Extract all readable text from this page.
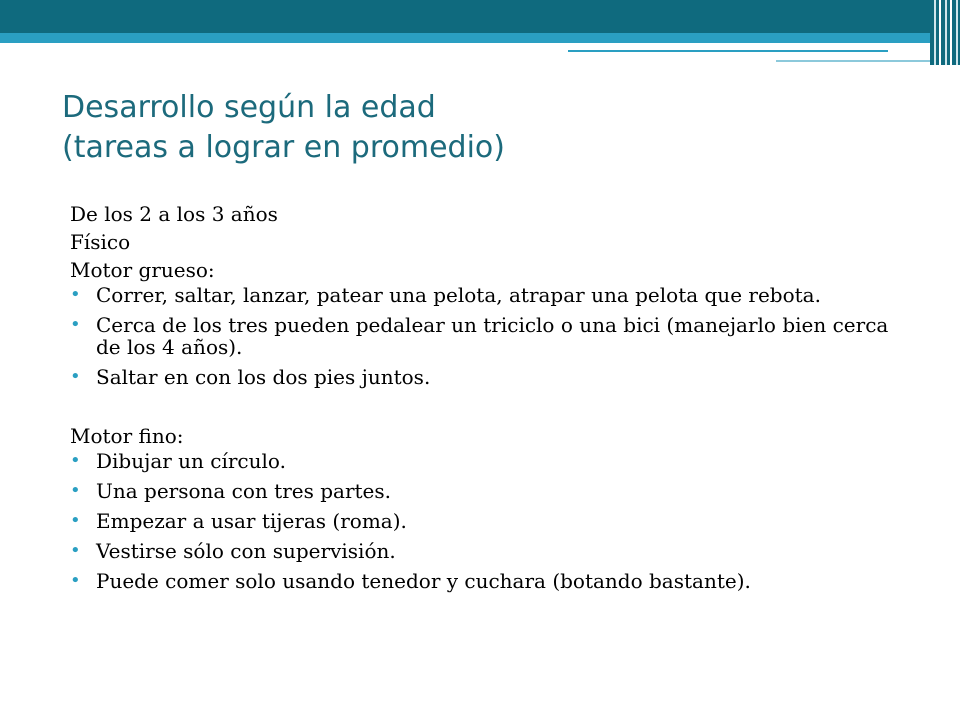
Desarrollo según la edad
(tareas a lograr en promedio)

De los 2 a los 3 años

Físico

Motor grueso:

• Correr, saltar, lanzar, patear una pelota, atrapar una pelota que rebota.
• Cerca de los tres pueden pedalear un triciclo o una bici (manejarlo bien cerca de los 4 años).
• Saltar en con los dos pies juntos.

Motor fino:

• Dibujar un círculo.
• Una persona con tres partes.
• Empezar a usar tijeras (roma).
• Vestirse sólo con supervisión.
• Puede comer solo usando tenedor y cuchara (botando bastante).
